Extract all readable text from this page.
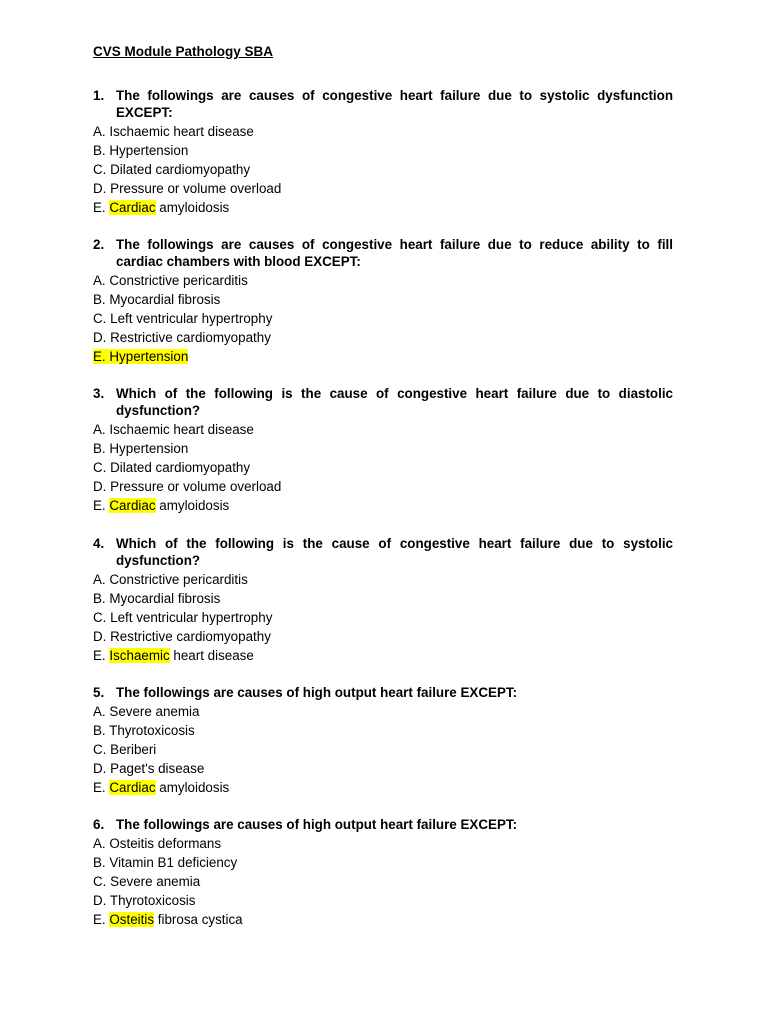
CVS Module Pathology SBA
1. The followings are causes of congestive heart failure due to systolic dysfunction EXCEPT:
A. Ischaemic heart disease
B. Hypertension
C. Dilated cardiomyopathy
D. Pressure or volume overload
E. Cardiac amyloidosis
2. The followings are causes of congestive heart failure due to reduce ability to fill cardiac chambers with blood EXCEPT:
A. Constrictive pericarditis
B. Myocardial fibrosis
C. Left ventricular hypertrophy
D. Restrictive cardiomyopathy
E. Hypertension
3. Which of the following is the cause of congestive heart failure due to diastolic dysfunction?
A. Ischaemic heart disease
B. Hypertension
C. Dilated cardiomyopathy
D. Pressure or volume overload
E. Cardiac amyloidosis
4. Which of the following is the cause of congestive heart failure due to systolic dysfunction?
A. Constrictive pericarditis
B. Myocardial fibrosis
C. Left ventricular hypertrophy
D. Restrictive cardiomyopathy
E. Ischaemic heart disease
5. The followings are causes of high output heart failure EXCEPT:
A. Severe anemia
B. Thyrotoxicosis
C. Beriberi
D. Paget's disease
E. Cardiac amyloidosis
6. The followings are causes of high output heart failure EXCEPT:
A. Osteitis deformans
B. Vitamin B1 deficiency
C. Severe anemia
D. Thyrotoxicosis
E. Osteitis fibrosa cystica
